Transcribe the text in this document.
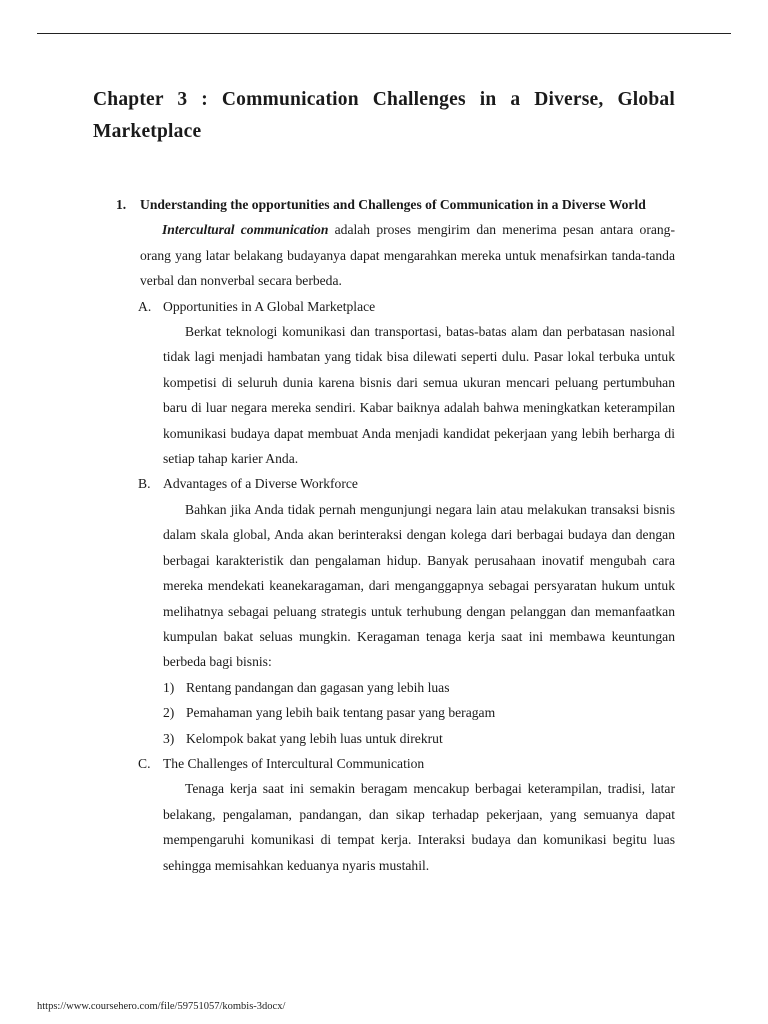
Chapter 3 : Communication Challenges in a Diverse, Global Marketplace
1. Understanding the opportunities and Challenges of Communication in a Diverse World
Intercultural communication adalah proses mengirim dan menerima pesan antara orang-orang yang latar belakang budayanya dapat mengarahkan mereka untuk menafsirkan tanda-tanda verbal dan nonverbal secara berbeda.
A. Opportunities in A Global Marketplace
Berkat teknologi komunikasi dan transportasi, batas-batas alam dan perbatasan nasional tidak lagi menjadi hambatan yang tidak bisa dilewati seperti dulu. Pasar lokal terbuka untuk kompetisi di seluruh dunia karena bisnis dari semua ukuran mencari peluang pertumbuhan baru di luar negara mereka sendiri. Kabar baiknya adalah bahwa meningkatkan keterampilan komunikasi budaya dapat membuat Anda menjadi kandidat pekerjaan yang lebih berharga di setiap tahap karier Anda.
B. Advantages of a Diverse Workforce
Bahkan jika Anda tidak pernah mengunjungi negara lain atau melakukan transaksi bisnis dalam skala global, Anda akan berinteraksi dengan kolega dari berbagai budaya dan dengan berbagai karakteristik dan pengalaman hidup. Banyak perusahaan inovatif mengubah cara mereka mendekati keanekaragaman, dari menganggapnya sebagai persyaratan hukum untuk melihatnya sebagai peluang strategis untuk terhubung dengan pelanggan dan memanfaatkan kumpulan bakat seluas mungkin. Keragaman tenaga kerja saat ini membawa keuntungan berbeda bagi bisnis:
1) Rentang pandangan dan gagasan yang lebih luas
2) Pemahaman yang lebih baik tentang pasar yang beragam
3) Kelompok bakat yang lebih luas untuk direkrut
C. The Challenges of Intercultural Communication
Tenaga kerja saat ini semakin beragam mencakup berbagai keterampilan, tradisi, latar belakang, pengalaman, pandangan, dan sikap terhadap pekerjaan, yang semuanya dapat mempengaruhi komunikasi di tempat kerja. Interaksi budaya dan komunikasi begitu luas sehingga memisahkan keduanya nyaris mustahil.
https://www.coursehero.com/file/59751057/kombis-3docx/
